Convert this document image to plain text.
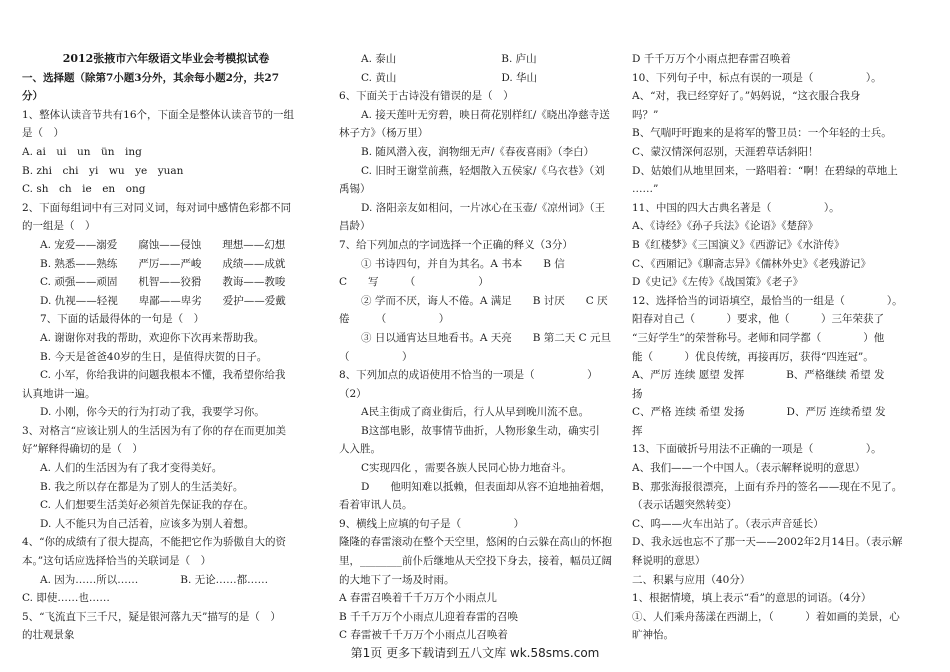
2012张掖市六年级语文毕业会考模拟试卷
一、选择题（除第7小题3分外，其余每小题2分，共27
分）
1、整体认读音节共有16个，下面全是整体认读音节的一组
是（　）
A. ai　ui　un　ün　ing
B. zhi　chi　yi　wu　ye　yuan
C. sh　ch　ie　en　ong
2、下面每组词中有三对同义词，每对词中感情色彩都不同
的一组是（　）
A. 宠爱——溺爱　　腐蚀——侵蚀　　理想——幻想
B. 熟悉——熟练　　严厉——严峻　　成绩——成就
C. 顽强——顽固　　机智——狡猾　　教诲——教唆
D. 仇视——轻视　　卑鄙——卑劣　　爱护——爱戴
7、下面的话最得体的一句是（　）
A. 谢谢你对我的帮助，欢迎你下次再来帮助我。
B. 今天是爸爸40岁的生日，是值得庆贺的日子。
C. 小军，你给我讲的问题我根本不懂，我希望你给我
认真地讲一遍。
D. 小刚，你今天的行为打动了我，我要学习你。
3、对格言“应该让别人的生活因为有了你的存在而更加美
好”解释得确切的是（　）
A. 人们的生活因为有了我才变得美好。
B. 我之所以存在都是为了别人的生活美好。
C. 人们想要生活美好必须首先保证我的存在。
D. 人不能只为自己活着，应该多为别人着想。
4、“你的成绩有了很大提高，不能把它作为骄傲自大的资
本。”这句话应选择恰当的关联词是（　）
A. 因为……所以……　　　　B. 无论……都……
C. 即使……也……
5、“飞流直下三千尺，疑是银河落九天”描写的是（　）
的壮观景象
A. 泰山　　　　　　　　　　B. 庐山
C. 黄山　　　　　　　　　　D. 华山
6、下面关于古诗没有错误的是（　）
A. 接天莲叶无穷碧，映日荷花别样红/《晓出净慈寺送
林子方》（杨万里）
B. 随风潜入夜，润物细无声/《春夜喜雨》（李白）
C. 旧时王谢堂前燕，轻烟散入五侯家/《乌衣巷》（刘
禹锡）
D. 洛阳亲友如相问，一片冰心在玉壶/《凉州词》（王
昌龄）
7、给下列加点的字词选择一个正确的释义（3分）
① 书诗四句，并自为其名。A 书本　　B 信
C　　写　　　（　　　　　　）
② 学而不厌，诲人不倦。A 满足　　B 讨厌　　C 厌
倦　　　（　　　　　）
③ 日以通宵达旦地看书。A 天亮　　B 第二天 C 元旦
（　　　　　）
8、下列加点的成语使用不恰当的一项是（　　　　　）
（2）
A民主街成了商业街后，行人从早到晚川流不息。
B这部电影，故事情节曲折，人物形象生动，确实引
人入胜。
C实现四化 ，需要各族人民同心协力地奋斗。
D　　他明知难以抵赖，但表面却从容不迫地抽着烟，
看着审讯人员。
9、横线上应填的句子是（　　　　　）
隆隆的春雷滚动在整个天空里，悠闲的白云躲在高山的怀抱
里，________前仆后继地从天空投下身去，接着，幅员辽阔
的大地下了一场及时雨。
A 春雷召唤着千千万万个小雨点儿
B 千千万万个小雨点儿迎着春雷的召唤
C 春雷被千千万万个小雨点儿召唤着
D 千千万万个小雨点把春雷召唤着
10、下列句子中，标点有误的一项是（　　　　　）。
A、“对，我已经穿好了。”妈妈说，“这衣服合我身
吗？”
B、气喘吁吁跑来的是将军的警卫员：一个年轻的士兵。
C、蒙汉情深何忍别，天涯碧草话斜阳！
D、姑娘们从地里回来，一路唱着：“啊！在碧绿的草地上
……”
11、中国的四大古典名著是（　　　　　）。
A、《诗经》《孙子兵法》《论语》《楚辞》
B《红楼梦》《三国演义》《西游记》《水浒传》
C、《西厢记》《聊斋志异》《儒林外史》《老残游记》
D《史记》《左传》《战国策》《老子》
12、选择恰当的词语填空，最恰当的一组是（　　　　）。
阳春对自己（　　　）要求，他（　　　）三年荣获了
“三好学生”的荣誉称号。老师和同学都（　　　　）他
能（　　　）优良传统，再接再厉，获得“四连冠”。
A、严厉 连续 愿望 发挥　　　　B、严格继续 希望 发
扬
C、严格 连续 希望 发扬　　　　D、严厉 连续希望 发
挥
13、下面破折号用法不正确的一项是（　　　　　）。
A、我们——一个中国人。（表示解释说明的意思）
B、那张海报很漂亮，上面有乔丹的签名——现在不见了。
（表示话题突然转变）
C、呜——火车出站了。（表示声音延长）
D、我永远也忘不了那一天——2002年2月14日。（表示解
释说明的意思）
二、积累与应用（40分）
1、根据情境，填上表示“看”的意思的词语。（4分）
①、人们乘舟荡漾在西湖上，（　　　）着如画的美景，心
旷神怡。
第1页 更多下载请到五八文库 wk.58sms.com
